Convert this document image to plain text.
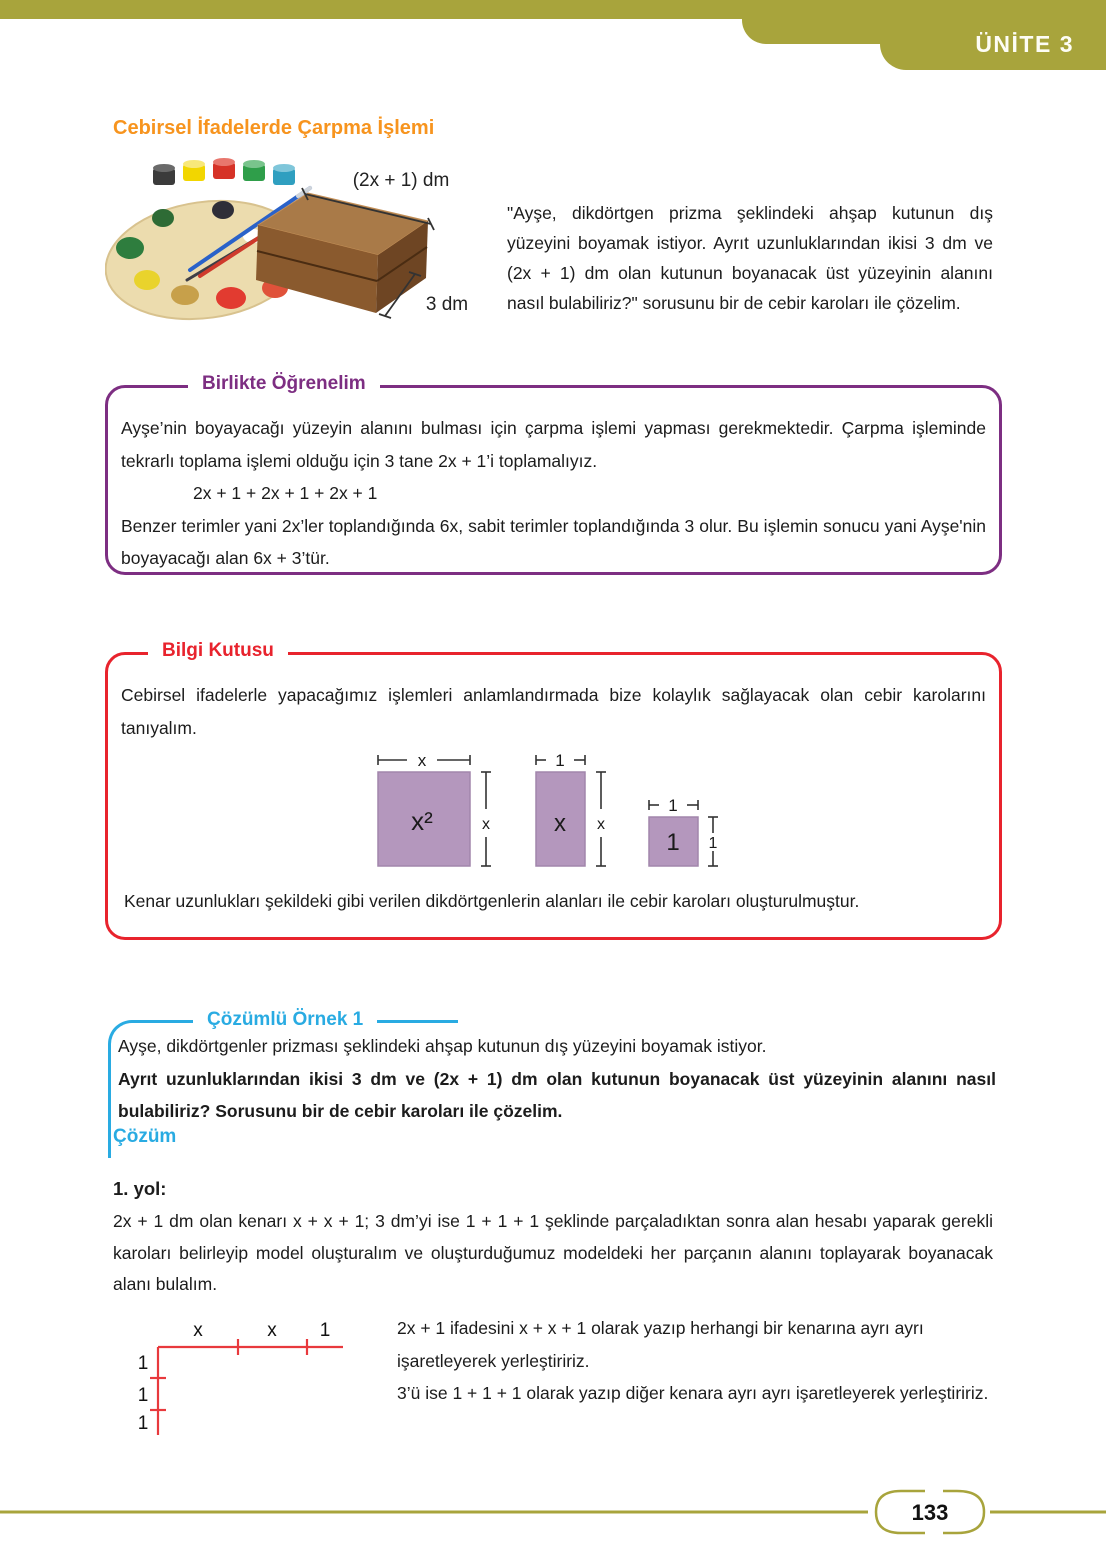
ÜNİTE 3
Cebirsel İfadelerde Çarpma İşlemi
(2x + 1) dm
3 dm

"Ayşe, dikdörtgen prizma şeklindeki ahşap kutunun dış yüzeyini boyamak istiyor. Ayrıt uzunluklarından ikisi 3 dm ve (2x + 1) dm olan kutunun boyanacak üst yüzeyinin alanını nasıl bulabiliriz?" sorusunu bir de cebir karoları ile çözelim.

Birlikte Öğrenelim

Ayşe’nin boyayacağı yüzeyin alanını bulması için çarpma işlemi yapması gerekmektedir. Çarpma işleminde tekrarlı toplama işlemi olduğu için 3 tane 2x + 1’i toplamalıyız.

2x + 1 + 2x + 1 + 2x + 1

Benzer terimler yani 2x’ler toplandığında 6x, sabit terimler toplandığında 3 olur. Bu işlemin sonucu yani Ayşe'nin boyayacağı alan 6x + 3’tür.

Bilgi Kutusu

Cebirsel ifadelerle yapacağımız işlemleri anlamlandırmada bize kolaylık sağlayacak olan cebir karolarını tanıyalım.

x²
x
x	x
1
x
1
1
1

Kenar uzunlukları şekildeki gibi verilen dikdörtgenlerin alanları ile cebir karoları oluşturulmuştur.

Çözümlü Örnek 1

Ayşe, dikdörtgenler prizması şeklindeki ahşap kutunun dış yüzeyini boyamak istiyor.

Ayrıt uzunluklarından ikisi 3 dm ve (2x + 1) dm olan kutunun boyanacak üst yüzeyinin alanını nasıl bulabiliriz? Sorusunu bir de cebir karoları ile çözelim.

Çözüm
1. yol:

2x + 1 dm olan kenarı x + x + 1; 3 dm’yi ise 1 + 1 + 1 şeklinde parçaladıktan sonra alan hesabı yaparak gerekli karoları belirleyip model oluşturalım ve oluşturduğumuz modeldeki her parçanın alanını toplayarak boyanacak alanı bulalım.

x	x 1
1
1
1

2x + 1 ifadesini x + x + 1 olarak yazıp herhangi bir kenarına ayrı ayrı işaretleyerek yerleştiririz.

3’ü ise 1 + 1 + 1 olarak yazıp diğer kenara ayrı ayrı işaretleyerek yerleştiririz.

133
